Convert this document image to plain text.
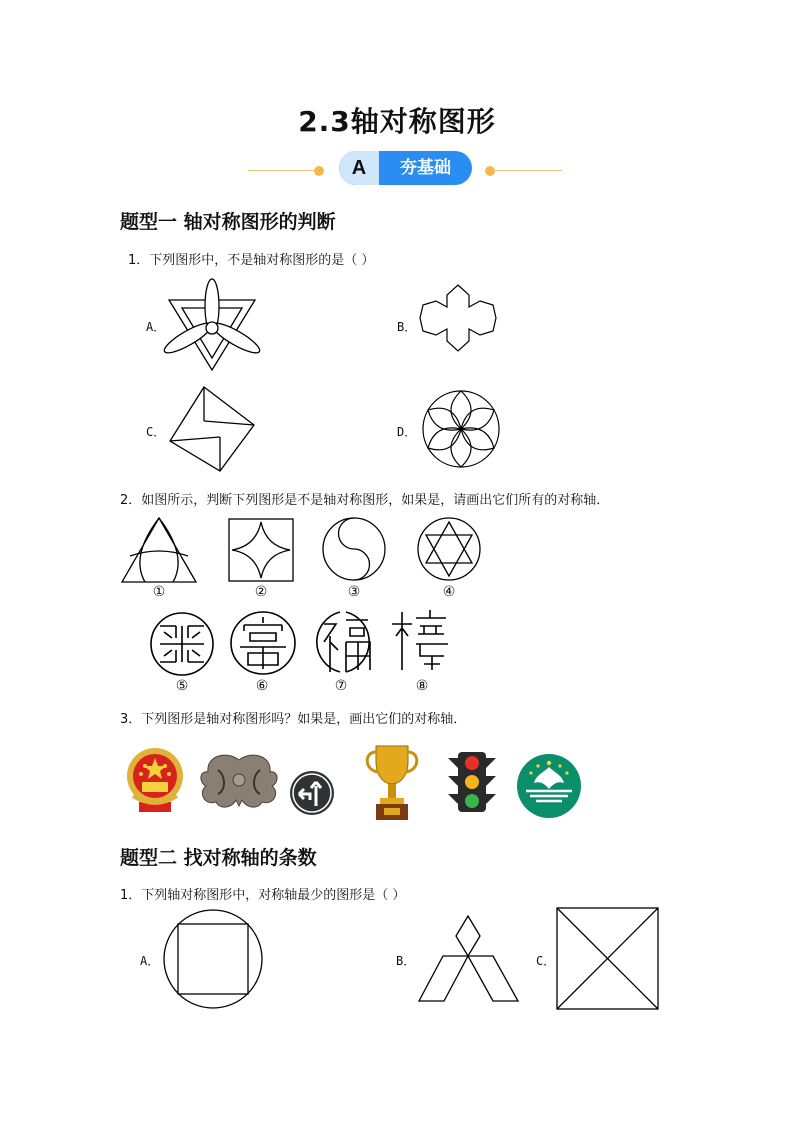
2.3轴对称图形
A	夯基础
题型一 轴对称图形的判断
1．下列图形中，不是轴对称图形的是（ ）
A．	B．
C．	D．
2．如图所示，判断下列图形是不是轴对称图形，如果是，请画出它们所有的对称轴．
①	②	③	④
⑤	⑥	⑦	⑧
3．下列图形是轴对称图形吗？如果是，画出它们的对称轴．
题型二 找对称轴的条数
1．下列轴对称图形中，对称轴最少的图形是（ ）
A．	B．	C．
